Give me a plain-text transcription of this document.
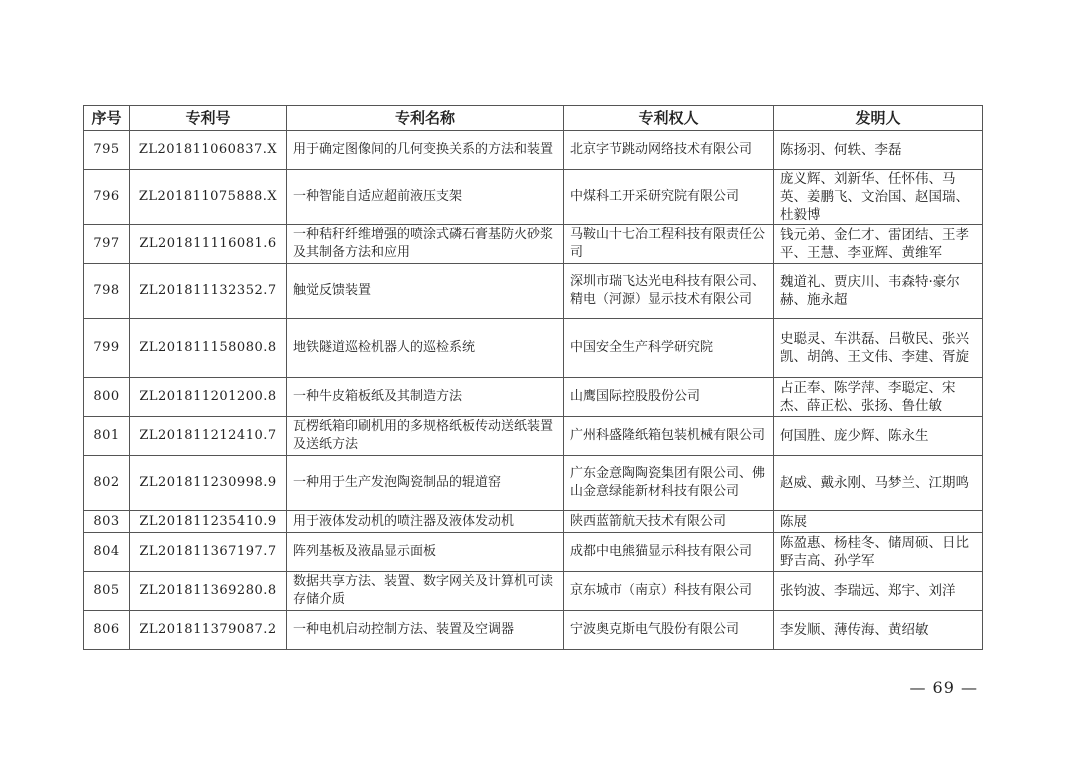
序号	专利号	专利名称	专利权人	发明人
795	ZL201811060837.X	用于确定图像间的几何变换关系的方法和装置	北京字节跳动网络技术有限公司	陈扬羽、何轶、李磊
796	ZL201811075888.X	一种智能自适应超前液压支架	中煤科工开采研究院有限公司	庞义辉、刘新华、任怀伟、马英、姜鹏飞、文治国、赵国瑞、杜毅博
797	ZL201811116081.6	一种秸秆纤维增强的喷涂式磷石膏基防火砂浆及其制备方法和应用	马鞍山十七冶工程科技有限责任公司	钱元弟、金仁才、雷团结、王孝平、王慧、李亚辉、黄维军
798	ZL201811132352.7	触觉反馈装置	深圳市瑞飞达光电科技有限公司、精电（河源）显示技术有限公司	魏道礼、贾庆川、韦森特·豪尔赫、施永超
799	ZL201811158080.8	地铁隧道巡检机器人的巡检系统	中国安全生产科学研究院	史聪灵、车洪磊、吕敬民、张兴凯、胡鸽、王文伟、李建、胥旋
800	ZL201811201200.8	一种牛皮箱板纸及其制造方法	山鹰国际控股股份公司	占正奉、陈学萍、李聪定、宋杰、薛正松、张扬、鲁仕敏
801	ZL201811212410.7	瓦楞纸箱印刷机用的多规格纸板传动送纸装置及送纸方法	广州科盛隆纸箱包装机械有限公司	何国胜、庞少辉、陈永生
802	ZL201811230998.9	一种用于生产发泡陶瓷制品的辊道窑	广东金意陶陶瓷集团有限公司、佛山金意绿能新材科技有限公司	赵威、戴永刚、马梦兰、江期鸣
803	ZL201811235410.9	用于液体发动机的喷注器及液体发动机	陕西蓝箭航天技术有限公司	陈展
804	ZL201811367197.7	阵列基板及液晶显示面板	成都中电熊猫显示科技有限公司	陈盈惠、杨桂冬、储周硕、日比野吉高、孙学军
805	ZL201811369280.8	数据共享方法、装置、数字网关及计算机可读存储介质	京东城市（南京）科技有限公司	张钧波、李瑞远、郑宇、刘洋
806	ZL201811379087.2	一种电机启动控制方法、装置及空调器	宁波奥克斯电气股份有限公司	李发顺、薄传海、黄绍敏
— 69 —
